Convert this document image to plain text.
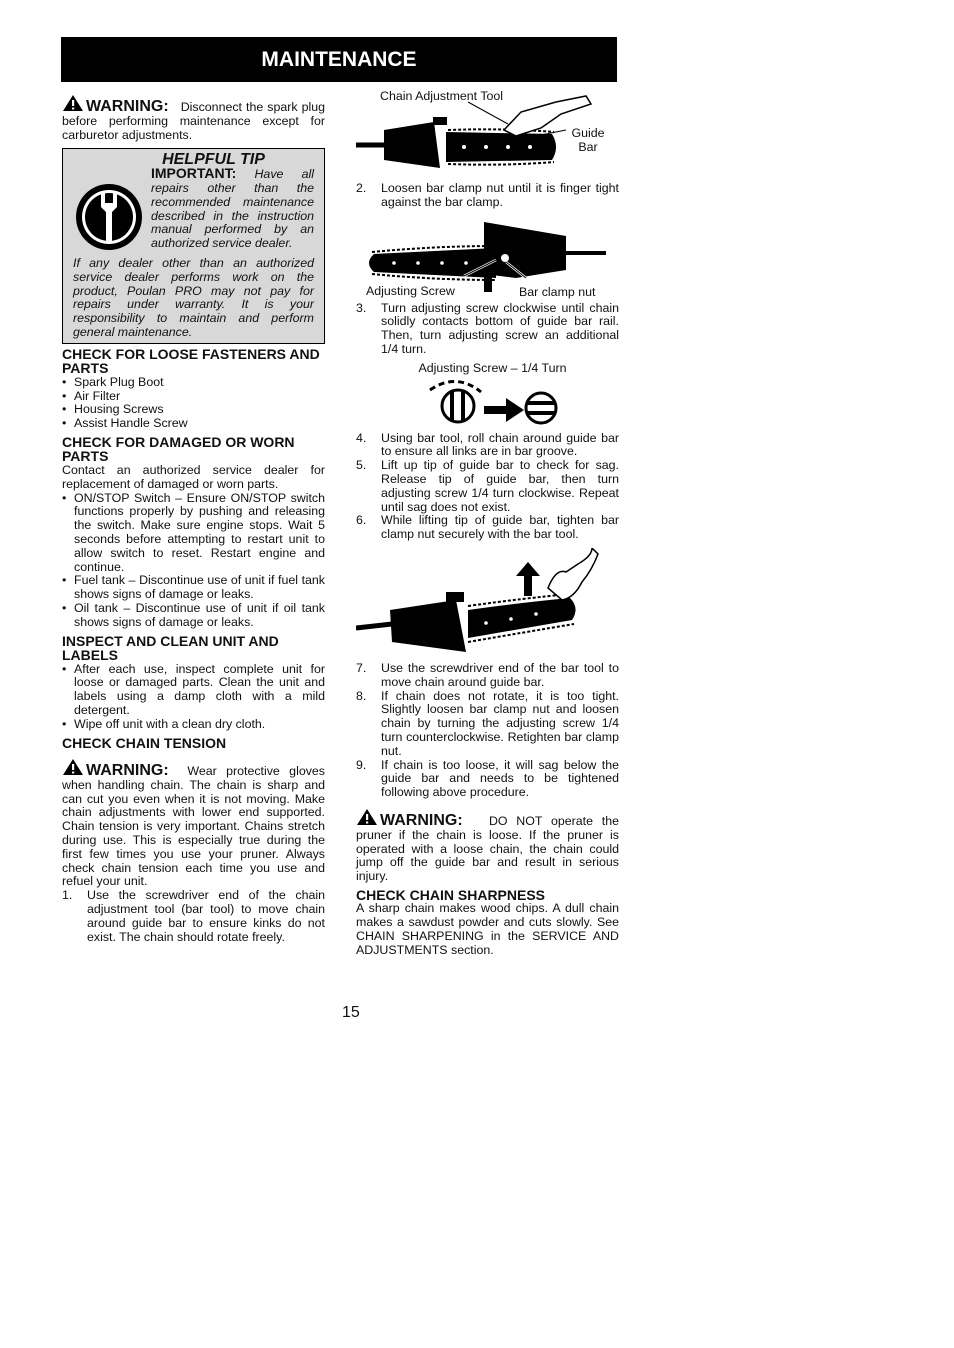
MAINTENANCE

WARNING: Disconnect the spark plug before performing maintenance except for carburetor adjustments.

HELPFUL TIP

IMPORTANT: Have all repairs other than the recommended maintenance described in the instruction manual performed by an authorized service dealer.

If any dealer other than an authorized service dealer performs work on the product, Poulan PRO may not pay for repairs under warranty. It is your responsibility to maintain and perform general maintenance.

CHECK FOR LOOSE FASTENERS AND PARTS
• Spark Plug Boot
• Air Filter
• Housing Screws
• Assist Handle Screw
CHECK FOR DAMAGED OR WORN PARTS

Contact an authorized service dealer for replacement of damaged or worn parts.

• ON/STOP Switch – Ensure ON/STOP switch functions properly by pushing and releasing the switch. Make sure engine stops. Wait 5 seconds before attempting to restart unit to allow switch to reset. Restart engine and continue.
• Fuel tank – Discontinue use of unit if fuel tank shows signs of damage or leaks.
• Oil tank – Discontinue use of unit if oil tank shows signs of damage or leaks.
INSPECT AND CLEAN UNIT AND LABELS
• After each use, inspect complete unit for loose or damaged parts. Clean the unit and labels using a damp cloth with a mild detergent.
• Wipe off unit with a clean dry cloth.
CHECK CHAIN TENSION

WARNING: Wear protective gloves when handling chain. The chain is sharp and can cut you even when it is not moving. Make chain adjustments with lower end supported. Chain tension is very important. Chains stretch during use. This is especially true during the first few times you use your pruner. Always check chain tension each time you use and refuel your unit.

1.	Use the screwdriver end of the chain adjustment tool (bar tool) to move chain around guide bar to ensure kinks do not exist. The chain should rotate freely.
Chain Adjustment Tool
Guide Bar
2.	Loosen bar clamp nut until it is finger tight against the bar clamp.
Adjusting Screw	Bar clamp nut
3.	Turn adjusting screw clockwise until chain solidly contacts bottom of guide bar rail. Then, turn adjusting screw an additional 1/4 turn.
Adjusting Screw – 1/4 Turn
4.	Using bar tool, roll chain around guide bar to ensure all links are in bar groove.
5.	Lift up tip of guide bar to check for sag. Release tip of guide bar, then turn adjusting screw 1/4 turn clockwise. Repeat until sag does not exist.
6.	While lifting tip of guide bar, tighten bar clamp nut securely with the bar tool.
7.	Use the screwdriver end of the bar tool to move chain around guide bar.
8.	If chain does not rotate, it is too tight. Slightly loosen bar clamp nut and loosen chain by turning the adjusting screw 1/4 turn counterclockwise. Retighten bar clamp nut.
9.	If chain is too loose, it will sag below the guide bar and needs to be tightened following above procedure.

WARNING: DO NOT operate the pruner if the chain is loose. If the pruner is operated with a loose chain, the chain could jump off the guide bar and result in serious injury.

CHECK CHAIN SHARPNESS

A sharp chain makes wood chips. A dull chain makes a sawdust powder and cuts slowly. See CHAIN SHARPENING in the SERVICE AND ADJUSTMENTS section.

15
